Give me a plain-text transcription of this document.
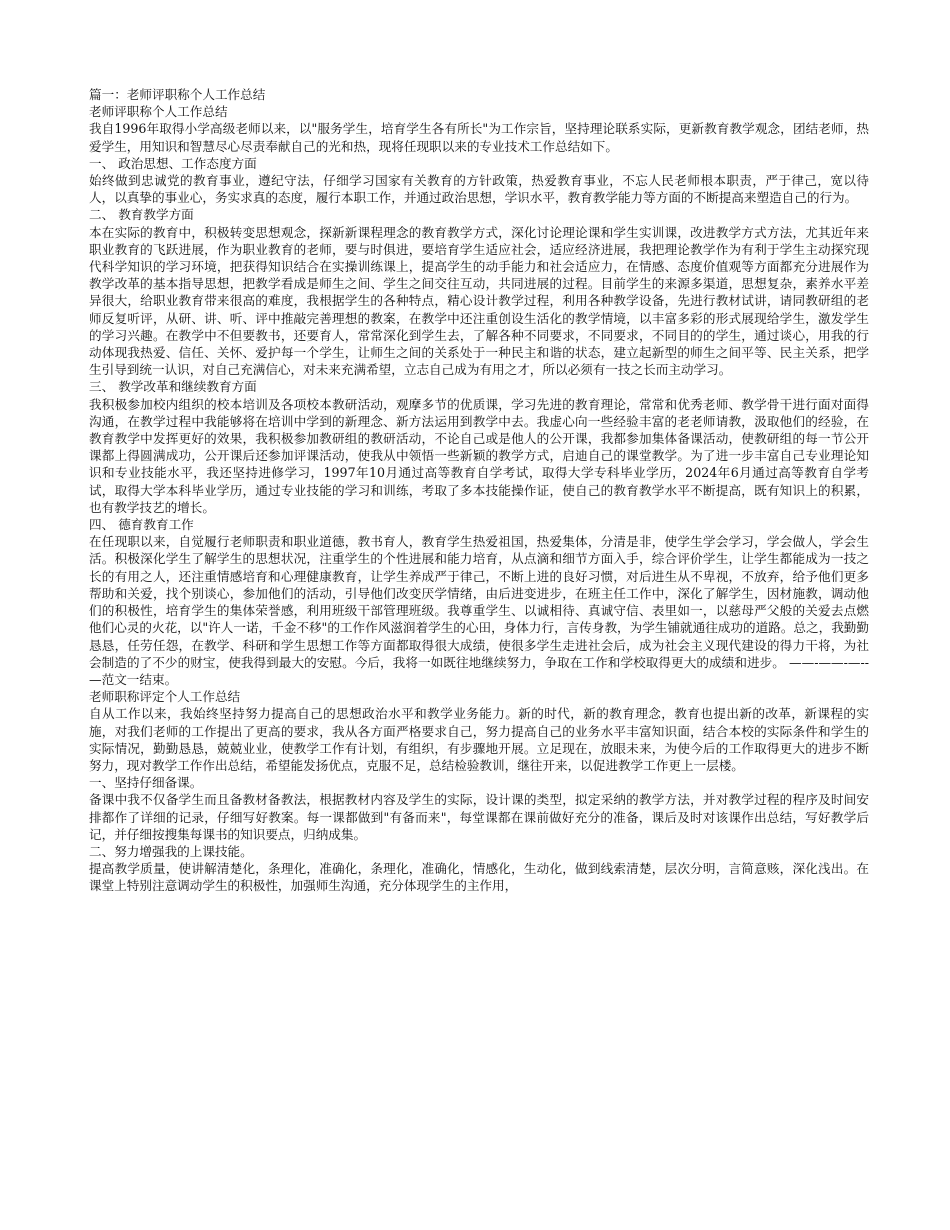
篇一：老师评职称个人工作总结

老师评职称个人工作总结

我自1996年取得小学高级老师以来，以"服务学生，培育学生各有所长"为工作宗旨，坚持理论联系实际，更新教育教学观念，团结老师，热爱学生，用知识和智慧尽心尽责奉献自己的光和热，现将任现职以来的专业技术工作总结如下。

一、 政治思想、工作态度方面

始终做到忠诚党的教育事业，遵纪守法，仔细学习国家有关教育的方针政策，热爱教育事业，不忘人民老师根本职责，严于律己，宽以待人，以真挚的事业心，务实求真的态度，履行本职工作，并通过政治思想，学识水平，教育教学能力等方面的不断提高来塑造自己的行为。

二、 教育教学方面

本在实际的教育中，积极转变思想观念，探新新课程理念的教育教学方式，深化讨论理论课和学生实训课，改进教学方式方法，尤其近年来职业教育的飞跃进展，作为职业教育的老师，要与时俱进，要培育学生适应社会，适应经济进展，我把理论教学作为有利于学生主动探究现代科学知识的学习环境，把获得知识结合在实操训练课上，提高学生的动手能力和社会适应力，在情感、态度价值观等方面都充分进展作为教学改革的基本指导思想，把教学看成是师生之间、学生之间交往互动，共同进展的过程。目前学生的来源多渠道，思想复杂，素养水平差异很大，给职业教育带来很高的难度，我根据学生的各种特点，精心设计教学过程，利用各种教学设备，先进行教材试讲，请同教研组的老师反复听评，从研、讲、听、评中推敲完善理想的教案，在教学中还注重创设生活化的教学情境，以丰富多彩的形式展现给学生，激发学生的学习兴趣。在教学中不但要教书，还要育人，常常深化到学生去，了解各种不同要求，不同要求，不同目的的学生，通过谈心，用我的行动体现我热爱、信任、关怀、爱护每一个学生，让师生之间的关系处于一种民主和谐的状态，建立起新型的师生之间平等、民主关系，把学生引导到统一认识，对自己充满信心，对未来充满希望，立志自己成为有用之才，所以必须有一技之长而主动学习。

三、 教学改革和继续教育方面

我积极参加校内组织的校本培训及各项校本教研活动，观摩多节的优质课，学习先进的教育理论，常常和优秀老师、教学骨干进行面对面得沟通，在教学过程中我能够将在培训中学到的新理念、新方法运用到教学中去。我虚心向一些经验丰富的老老师请教，汲取他们的经验，在教育教学中发挥更好的效果，我积极参加教研组的教研活动，不论自己或是他人的公开课，我都参加集体备课活动，使教研组的每一节公开课都上得圆满成功，公开课后还参加评课活动，使我从中领悟一些新颖的教学方式，启迪自己的课堂教学。为了进一步丰富自己专业理论知识和专业技能水平，我还坚持进修学习，1997年10月通过高等教育自学考试，取得大学专科毕业学历，2024年6月通过高等教育自学考试，取得大学本科毕业学历，通过专业技能的学习和训练，考取了多本技能操作证，使自己的教育教学水平不断提高，既有知识上的积累，也有教学技艺的增长。

四、 德育教育工作

在任现职以来，自觉履行老师职责和职业道德，教书育人，教育学生热爱祖国，热爱集体，分清是非，使学生学会学习，学会做人，学会生活。积极深化学生了解学生的思想状况，注重学生的个性进展和能力培育，从点滴和细节方面入手，综合评价学生，让学生都能成为一技之长的有用之人，还注重情感培育和心理健康教育，让学生养成严于律己，不断上进的良好习惯，对后进生从不卑视，不放弃，给予他们更多帮助和关爱，找个别谈心，参加他们的活动，引导他们改变厌学情绪，由后进变进步，在班主任工作中，深化了解学生，因材施教，调动他们的积极性，培育学生的集体荣誉感，利用班级干部管理班级。我尊重学生、以诚相待、真诚守信、表里如一，以慈母严父般的关爱去点燃他们心灵的火花，以"许人一诺，千金不移"的工作作风滋润着学生的心田，身体力行，言传身教，为学生铺就通往成功的道路。总之，我勤勤恳恳，任劳任怨，在教学、科研和学生思想工作等方面都取得很大成绩，使很多学生走进社会后，成为社会主义现代建设的得力干将，为社会制造的了不少的财宝，使我得到最大的安慰。今后，我将一如既往地继续努力，争取在工作和学校取得更大的成绩和进步。 ——-——-—--—范文一结束。

老师职称评定个人工作总结

自从工作以来，我始终坚持努力提高自己的思想政治水平和教学业务能力。新的时代，新的教育理念，教育也提出新的改革，新课程的实施，对我们老师的工作提出了更高的要求，我从各方面严格要求自己，努力提高自己的业务水平丰富知识面，结合本校的实际条件和学生的实际情况，勤勤恳恳，兢兢业业，使教学工作有计划，有组织，有步骤地开展。立足现在，放眼未来，为使今后的工作取得更大的进步不断努力，现对教学工作作出总结，希望能发扬优点，克服不足，总结检验教训，继往开来，以促进教学工作更上一层楼。

一、坚持仔细备课。

备课中我不仅备学生而且备教材备教法，根据教材内容及学生的实际，设计课的类型，拟定采纳的教学方法，并对教学过程的程序及时间安排都作了详细的记录，仔细写好教案。每一课都做到"有备而来"，每堂课都在课前做好充分的准备，课后及时对该课作出总结，写好教学后记，并仔细按搜集每课书的知识要点，归纳成集。

二、努力增强我的上课技能。

提高教学质量，使讲解清楚化，条理化，准确化，条理化，准确化，情感化，生动化，做到线索清楚，层次分明，言简意赅，深化浅出。在课堂上特别注意调动学生的积极性，加强师生沟通，充分体现学生的主作用，
